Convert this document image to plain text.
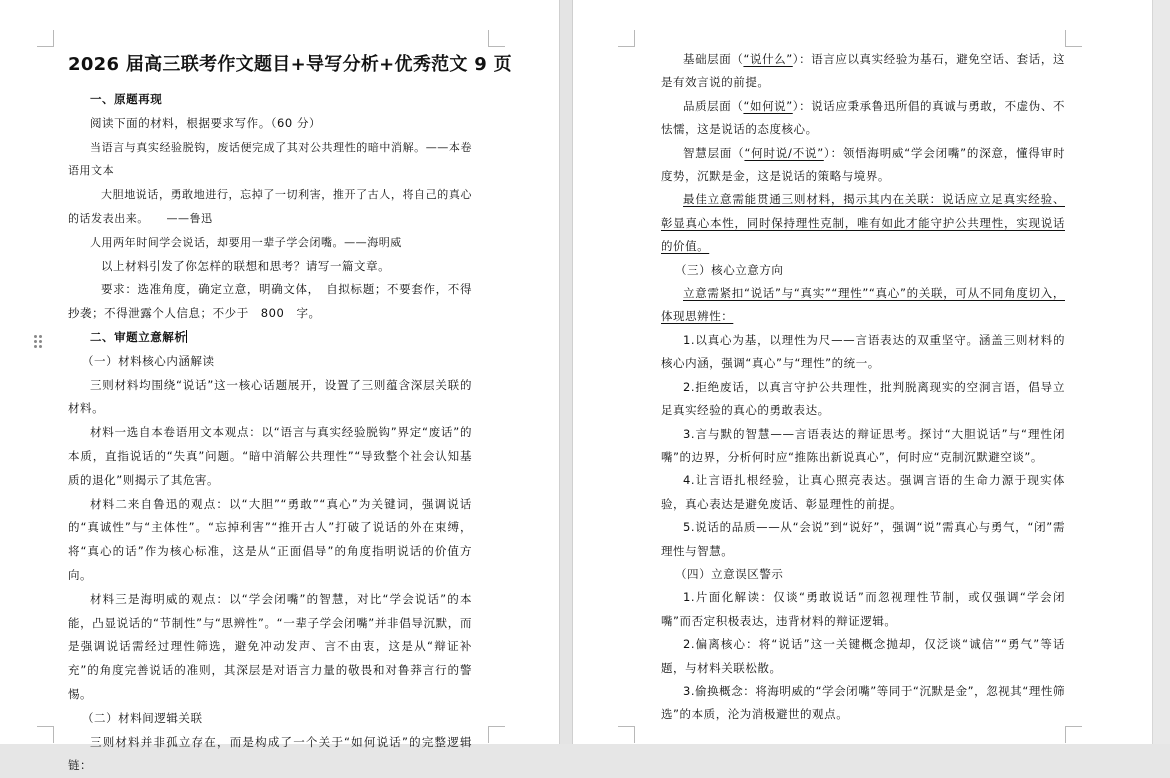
2026 届高三联考作文题目+导写分析+优秀范文 9 页

一、原题再现

阅读下面的材料，根据要求写作。（60 分）

当语言与真实经验脱钩，废话便完成了其对公共理性的暗中消解。——本卷语用文本

大胆地说话，勇敢地进行，忘掉了一切利害，推开了古人，将自己的真心的话发表出来。　　——鲁迅

人用两年时间学会说话，却要用一辈子学会闭嘴。——海明威

以上材料引发了你怎样的联想和思考？请写一篇文章。

要求：选准角度，确定立意，明确文体，　自拟标题；不要套作，不得抄袭；不得泄露个人信息；不少于　800　字。

二、审题立意解析

（一）材料核心内涵解读

三则材料均围绕“说话”这一核心话题展开，设置了三则蕴含深层关联的材料。

材料一选自本卷语用文本观点：以“语言与真实经验脱钩”界定“废话”的本质，直指说话的“失真”问题。“暗中消解公共理性”“导致整个社会认知基质的退化”则揭示了其危害。

材料二来自鲁迅的观点：以“大胆”“勇敢”“真心”为关键词，强调说话的“真诚性”与“主体性”。“忘掉利害”“推开古人”打破了说话的外在束缚，将“真心的话”作为核心标准，这是从“正面倡导”的角度指明说话的价值方向。

材料三是海明威的观点：以“学会闭嘴”的智慧，对比“学会说话”的本能，凸显说话的“节制性”与“思辨性”。“一辈子学会闭嘴”并非倡导沉默，而是强调说话需经过理性筛选，避免冲动发声、言不由衷，这是从“辩证补充”的角度完善说话的准则，其深层是对语言力量的敬畏和对鲁莽言行的警惕。

（二）材料间逻辑关联

三则材料并非孤立存在，而是构成了一个关于“如何说话”的完整逻辑链：

基础层面（“说什么”）：语言应以真实经验为基石，避免空话、套话，这是有效言说的前提。

品质层面（“如何说”）：说话应秉承鲁迅所倡的真诚与勇敢，不虚伪、不怯懦，这是说话的态度核心。

智慧层面（“何时说/不说”）：领悟海明威“学会闭嘴”的深意，懂得审时度势，沉默是金，这是说话的策略与境界。

最佳立意需能贯通三则材料，揭示其内在关联：说话应立足真实经验、彰显真心本性，同时保持理性克制，唯有如此才能守护公共理性，实现说话的价值。

（三）核心立意方向

立意需紧扣“说话”与“真实”“理性”“真心”的关联，可从不同角度切入，体现思辨性：

1.以真心为基，以理性为尺——言语表达的双重坚守。涵盖三则材料的核心内涵，强调“真心”与“理性”的统一。

2.拒绝废话，以真言守护公共理性，批判脱离现实的空洞言语，倡导立足真实经验的真心的勇敢表达。

3.言与默的智慧——言语表达的辩证思考。探讨“大胆说话”与“理性闭嘴”的边界，分析何时应“推陈出新说真心”，何时应“克制沉默避空谈”。

4.让言语扎根经验，让真心照亮表达。强调言语的生命力源于现实体验，真心表达是避免废话、彰显理性的前提。

5.说话的品质——从“会说”到“说好”，强调“说”需真心与勇气，“闭”需理性与智慧。

（四）立意误区警示

1.片面化解读：仅谈“勇敢说话”而忽视理性节制，或仅强调“学会闭嘴”而否定积极表达，违背材料的辩证逻辑。

2.偏离核心：将“说话”这一关键概念抛却，仅泛谈“诚信”“勇气”等话题，与材料关联松散。

3.偷换概念：将海明威的“学会闭嘴”等同于“沉默是金”，忽视其“理性筛选”的本质，沦为消极避世的观点。
